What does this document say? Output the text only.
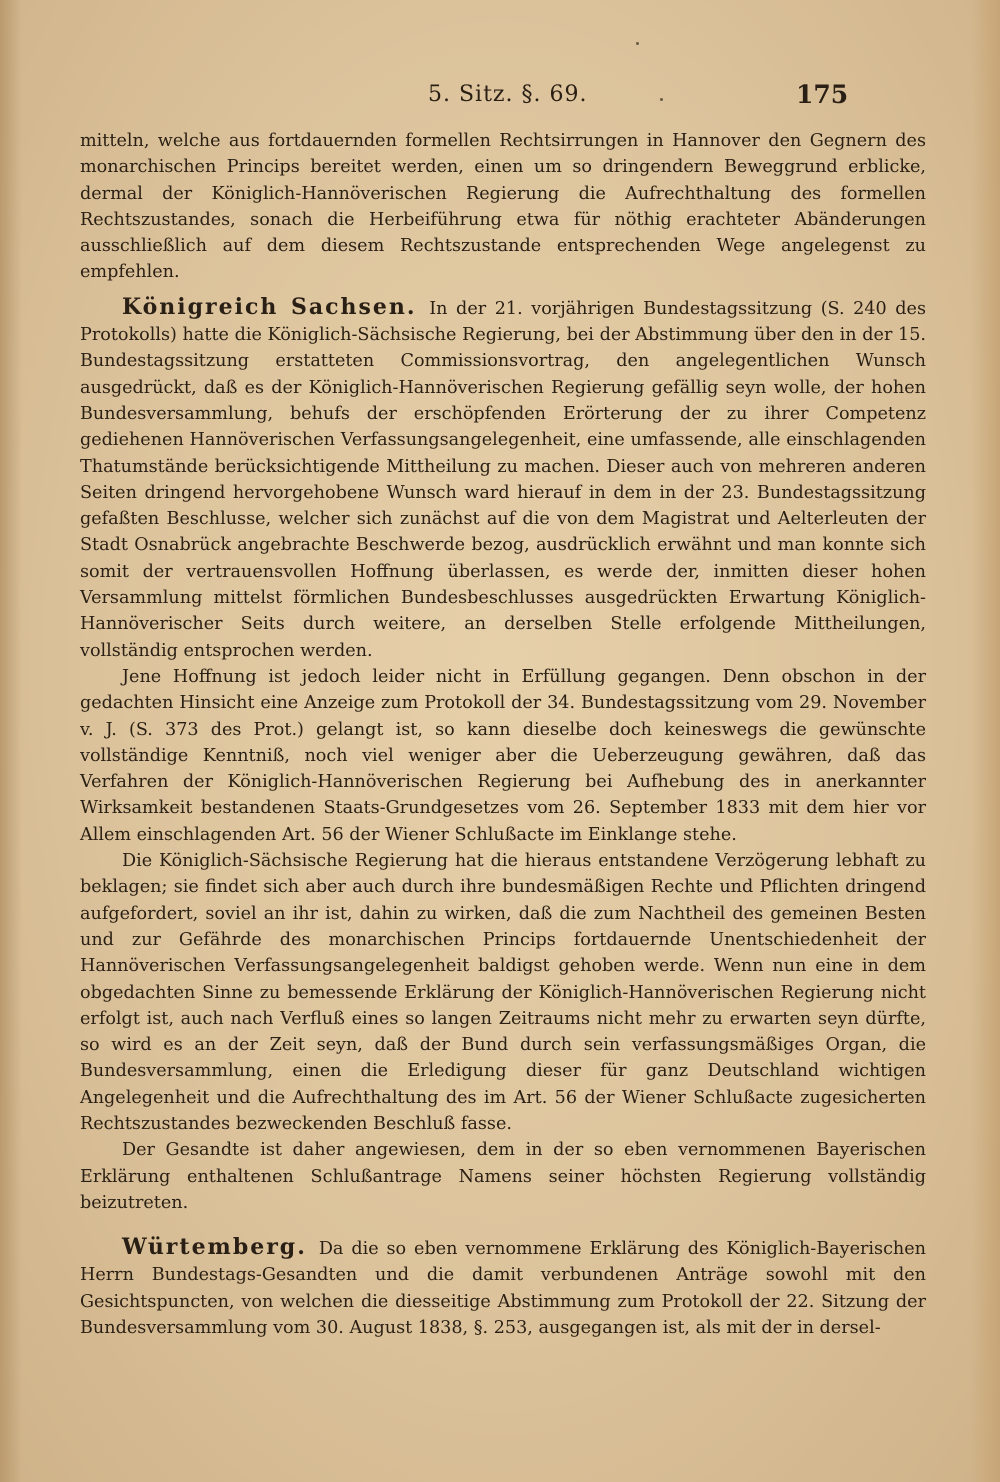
5. Sitz. §. 69.	175

mitteln, welche aus fortdauernden formellen Rechtsirrungen in Hannover den Gegnern des monarchischen Princips bereitet werden, einen um so dringendern Beweggrund erblicke, dermal der Königlich-Hannöverischen Regierung die Aufrechthaltung des formellen Rechtszustandes, sonach die Herbeiführung etwa für nöthig erachteter Abänderungen ausschließlich auf dem diesem Rechtszustande entsprechenden Wege angelegenst zu empfehlen.

Königreich Sachsen. In der 21. vorjährigen Bundestagssitzung (S. 240 des Protokolls) hatte die Königlich-Sächsische Regierung, bei der Abstimmung über den in der 15. Bundestagssitzung erstatteten Commissionsvortrag, den angelegentlichen Wunsch ausgedrückt, daß es der Königlich-Hannöverischen Regierung gefällig seyn wolle, der hohen Bundesversammlung, behufs der erschöpfenden Erörterung der zu ihrer Competenz gediehenen Hannöverischen Verfassungsangelegenheit, eine umfassende, alle einschlagenden Thatumstände berücksichtigende Mittheilung zu machen. Dieser auch von mehreren anderen Seiten dringend hervorgehobene Wunsch ward hierauf in dem in der 23. Bundestagssitzung gefaßten Beschlusse, welcher sich zunächst auf die von dem Magistrat und Aelterleuten der Stadt Osnabrück angebrachte Beschwerde bezog, ausdrücklich erwähnt und man konnte sich somit der vertrauensvollen Hoffnung überlassen, es werde der, inmitten dieser hohen Versammlung mittelst förmlichen Bundesbeschlusses ausgedrückten Erwartung Königlich-Hannöverischer Seits durch weitere, an derselben Stelle erfolgende Mittheilungen, vollständig entsprochen werden.

Jene Hoffnung ist jedoch leider nicht in Erfüllung gegangen. Denn obschon in der gedachten Hinsicht eine Anzeige zum Protokoll der 34. Bundestagssitzung vom 29. November v. J. (S. 373 des Prot.) gelangt ist, so kann dieselbe doch keineswegs die gewünschte vollständige Kenntniß, noch viel weniger aber die Ueberzeugung gewähren, daß das Verfahren der Königlich-Hannöverischen Regierung bei Aufhebung des in anerkannter Wirksamkeit bestandenen Staats-Grundgesetzes vom 26. September 1833 mit dem hier vor Allem einschlagenden Art. 56 der Wiener Schlußacte im Einklange stehe.

Die Königlich-Sächsische Regierung hat die hieraus entstandene Verzögerung lebhaft zu beklagen; sie findet sich aber auch durch ihre bundesmäßigen Rechte und Pflichten dringend aufgefordert, soviel an ihr ist, dahin zu wirken, daß die zum Nachtheil des gemeinen Besten und zur Gefährde des monarchischen Princips fortdauernde Unentschiedenheit der Hannöverischen Verfassungsangelegenheit baldigst gehoben werde. Wenn nun eine in dem obgedachten Sinne zu bemessende Erklärung der Königlich-Hannöverischen Regierung nicht erfolgt ist, auch nach Verfluß eines so langen Zeitraums nicht mehr zu erwarten seyn dürfte, so wird es an der Zeit seyn, daß der Bund durch sein verfassungsmäßiges Organ, die Bundesversammlung, einen die Erledigung dieser für ganz Deutschland wichtigen Angelegenheit und die Aufrechthaltung des im Art. 56 der Wiener Schlußacte zugesicherten Rechtszustandes bezweckenden Beschluß fasse.

Der Gesandte ist daher angewiesen, dem in der so eben vernommenen Bayerischen Erklärung enthaltenen Schlußantrage Namens seiner höchsten Regierung vollständig beizutreten.

Würtemberg. Da die so eben vernommene Erklärung des Königlich-Bayerischen Herrn Bundestags-Gesandten und die damit verbundenen Anträge sowohl mit den Gesichtspuncten, von welchen die diesseitige Abstimmung zum Protokoll der 22. Sitzung der Bundesversammlung vom 30. August 1838, §. 253, ausgegangen ist, als mit der in dersel-
